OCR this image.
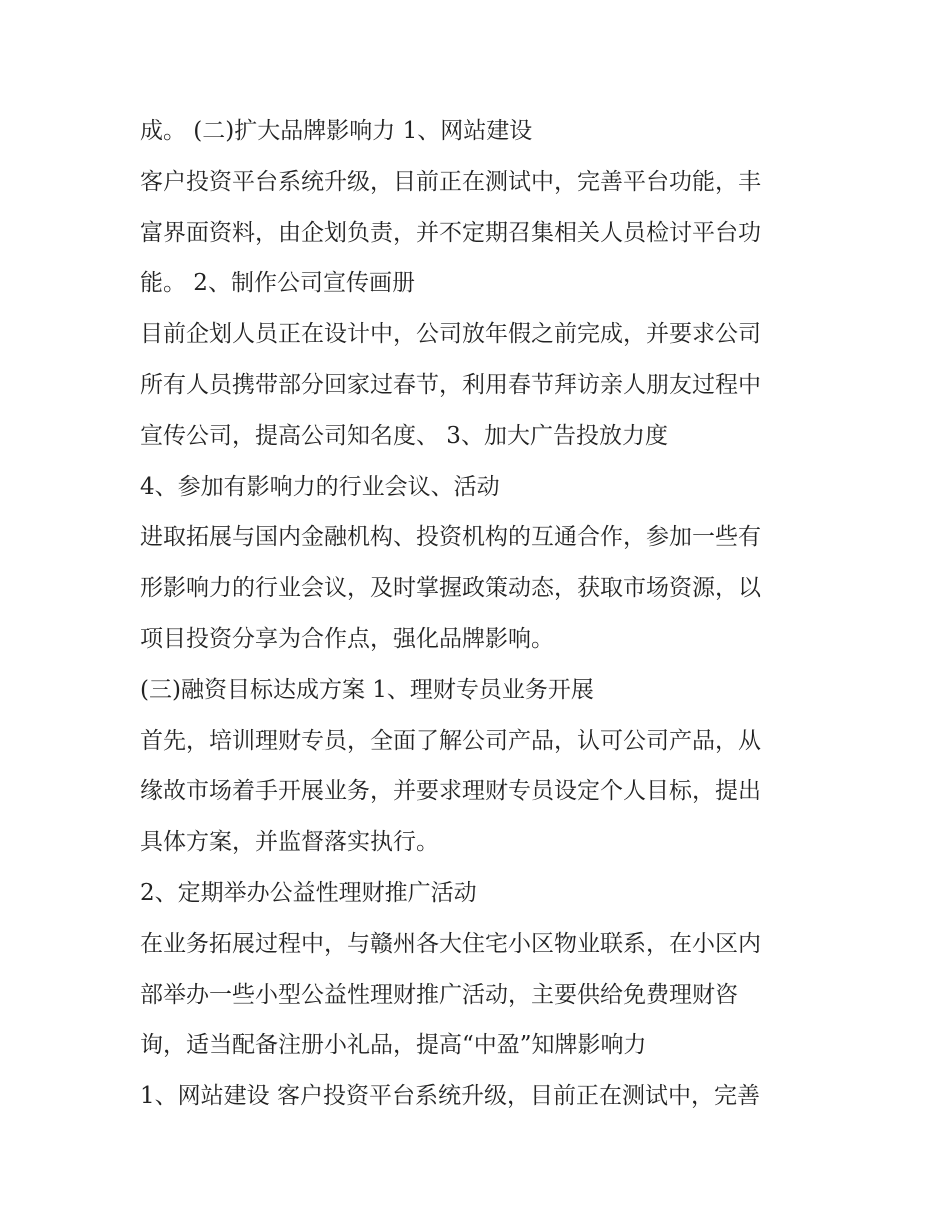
成。 (二)扩大品牌影响力 1、网站建设
客户投资平台系统升级，目前正在测试中，完善平台功能，丰
富界面资料，由企划负责，并不定期召集相关人员检讨平台功
能。 2、制作公司宣传画册
目前企划人员正在设计中，公司放年假之前完成，并要求公司
所有人员携带部分回家过春节，利用春节拜访亲人朋友过程中
宣传公司，提高公司知名度、 3、加大广告投放力度
4、参加有影响力的行业会议、活动
进取拓展与国内金融机构、投资机构的互通合作，参加一些有
形影响力的行业会议，及时掌握政策动态，获取市场资源，以
项目投资分享为合作点，强化品牌影响。
(三)融资目标达成方案 1、理财专员业务开展
首先，培训理财专员，全面了解公司产品，认可公司产品，从
缘故市场着手开展业务，并要求理财专员设定个人目标，提出
具体方案，并监督落实执行。
2、定期举办公益性理财推广活动
在业务拓展过程中，与赣州各大住宅小区物业联系，在小区内
部举办一些小型公益性理财推广活动，主要供给免费理财咨
询，适当配备注册小礼品，提高“中盈”知牌影响力
1、网站建设 客户投资平台系统升级，目前正在测试中，完善
